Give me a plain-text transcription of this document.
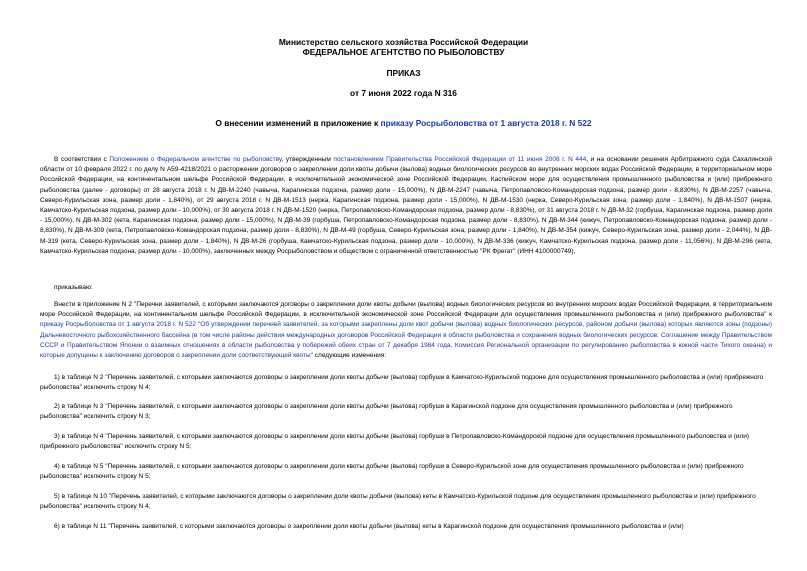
Министерство сельского хозяйства Российской Федерации
ФЕДЕРАЛЬНОЕ АГЕНТСТВО ПО РЫБОЛОВСТВУ
ПРИКАЗ
от 7 июня 2022 года N 316
О внесении изменений в приложение к приказу Росрыболовства от 1 августа 2018 г. N 522

В соответствии с Положением о Федеральном агентстве по рыболовству, утвержденным постановлением Правительства Российской Федерации от 11 июня 2008 г. N 444, и на основании решения Арбитражного суда Сахалинской области от 10 февраля 2022 г. по делу N А59-4218/2021 о расторжении договоров о закреплении доли квоты добычи (вылова) водных биологических ресурсов во внутренних морских водах Российской Федерации, в территориальном море Российской Федерации, на континентальном шельфе Российской Федерации, в исключительной экономической зоне Российской Федерации, Каспийском море для осуществления промышленного рыболовства и (или) прибрежного рыболовства (далее - договоры) от 28 августа 2018 г. N ДВ-М-2240 (чавыча, Карагинская подзона, размер доли - 15,000%), N ДВ-М-2247 (чавыча, Петропавловско-Командорская подзона, размер доли - 8,830%), N ДВ-М-2257 (чавыча, Северо-Курильская зона, размер доли - 1,840%), от 29 августа 2018 г. N ДВ-М-1513 (нерка, Карагинская подзона, размер доли - 15,000%), N ДВ-М-1530 (нерка, Северо-Курильская зона, размер доли - 1,840%), N ДВ-М-1507 (нерка, Камчатско-Курильская подзона, размер доли - 10,000%), от 30 августа 2018 г. N ДВ-М-1520 (нерка, Петропавловско-Командорская подзона, размер доли - 8,830%), от 31 августа 2018 г. N ДВ-М-32 (горбуша, Карагинская подзона, размер доли - 15,000%), N ДВ-М-302 (кета, Карагинская подзона, размер доли - 15,000%), N ДВ-М-39 (горбуша, Петропавловско-Командорская подзона, размер доли - 8,830%), N ДВ-М-344 (кижуч, Петропавловско-Командорская подзона, размер доли - 8,830%), N ДВ-М-309 (кета, Петропавловско-Командорская подзона, размер доли - 8,830%), N ДВ-М-49 (горбуша, Северо-Курильская зона, размер доли - 1,840%), N ДВ-М-354 (кижуч, Северо-Курильская зона, размер доли - 2,044%), N ДВ-М-319 (кета, Северо-Курильская зона, размер доли - 1,840%), N ДВ-М-26 (горбуша, Камчатско-Курильская подзона, размер доли - 10,000%), N ДВ-М-336 (кижуч, Камчатско-Курильская подзона, размер доли - 11,056%), N ДВ-М-296 (кета, Камчатско-Курильская подзона, размер доли - 10,000%), заключенных между Росрыболовством и обществом с ограниченной ответственностью "РК Фрегат" (ИНН 4100000749),

приказываю:

Внести в приложение N 2 "Перечни заявителей, с которыми заключаются договоры о закреплении доли квоты добычи (вылова) водных биологических ресурсов во внутренних морских водах Российской Федерации, в территориальном море Российской Федерации, на континентальном шельфе Российской Федерации, в исключительной экономической зоне Российской Федерации для осуществления промышленного рыболовства и (или) прибрежного рыболовства" к приказу Росрыболовства от 1 августа 2018 г. N 522 "Об утверждении перечней заявителей, за которыми закреплены доли квот добычи (вылова) водных биологических ресурсов, районом добычи (вылова) которых являются зоны (подзоны) Дальневосточного рыбохозяйственного бассейна (в том числе районы действия международных договоров Российской Федерации в области рыболовства и сохранения водных биологических ресурсов: Соглашение между Правительством СССР и Правительством Японии о взаимных отношениях в области рыболовства у побережий обеих стран от 7 декабря 1984 года, Комиссия Региональной организации по регулированию рыболовства в южной части Тихого океана) и которые допущены к заключению договоров о закреплении доли соответствующей квоты" следующие изменения:

1) в таблице N 2 "Перечень заявителей, с которыми заключаются договоры о закреплении доли квоты добычи (вылова) горбуши в Камчатско-Курильской подзоне для осуществления промышленного рыболовства и (или) прибрежного рыболовства" исключить строку N 4;

2) в таблице N 3 "Перечень заявителей, с которыми заключаются договоры о закреплении доли квоты добычи (вылова) горбуши в Карагинской подзоне для осуществления промышленного рыболовства и (или) прибрежного рыболовства" исключить строку N 3;

3) в таблице N 4 "Перечень заявителей, с которыми заключаются договоры о закреплении доли квоты добычи (вылова) горбуши в Петропавловско-Командорской подзоне для осуществления промышленного рыболовства и (или) прибрежного рыболовства" исключить строку N 5;

4) в таблице N 5 "Перечень заявителей, с которыми заключаются договоры о закреплении доли квоты добычи (вылова) горбуши в Северо-Курильской зоне для осуществления промышленного рыболовства и (или) прибрежного рыболовства" исключить строку N 5;

5) в таблице N 10 "Перечень заявителей, с которыми заключаются договоры о закреплении доли квоты добычи (вылова) кеты в Камчатско-Курильской подзоне для осуществления промышленного рыболовства и (или) прибрежного рыболовства" исключить строку N 4;

6) в таблице N 11 "Перечень заявителей, с которыми заключаются договоры о закреплении доли квоты добычи (вылова) кеты в Карагинской подзоне для осуществления промышленного рыболовства и (или)
